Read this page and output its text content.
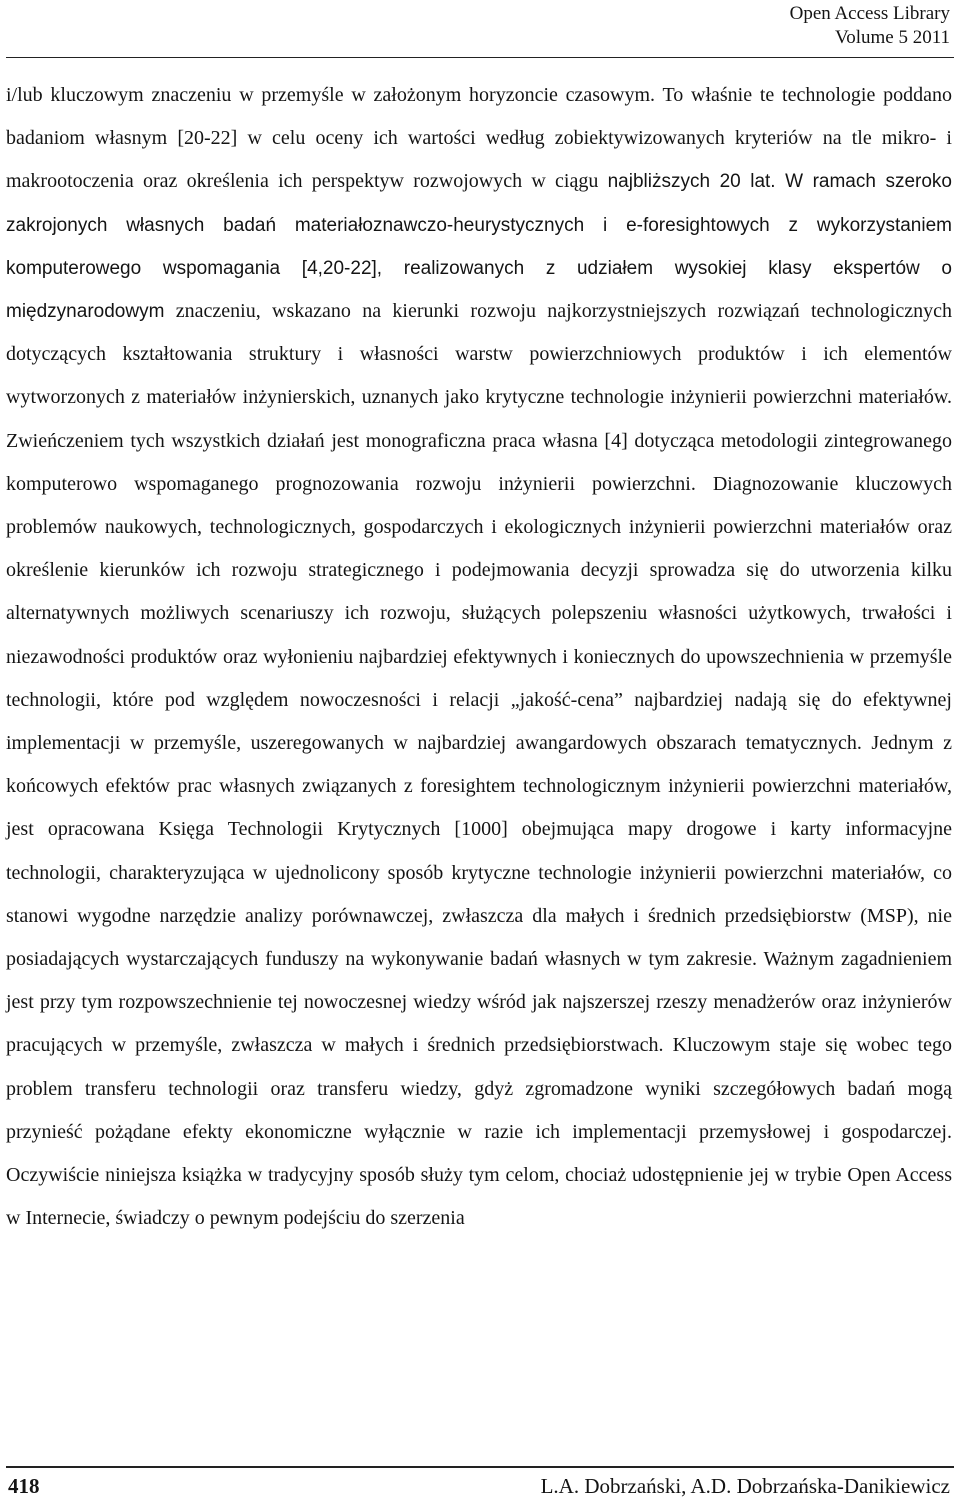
Open Access Library
Volume 5 2011
i/lub kluczowym znaczeniu w przemyśle w założonym horyzoncie czasowym. To właśnie te technologie poddano badaniom własnym [20-22] w celu oceny ich wartości według zobiektywizowanych kryteriów na tle mikro- i makrootoczenia oraz określenia ich perspektyw rozwojowych w ciągu najbliższych 20 lat. W ramach szeroko zakrojonych własnych badań materiałoznawczo-heurystycznych i e-foresightowych z wykorzystaniem komputerowego wspomagania [4,20-22], realizowanych z udziałem wysokiej klasy ekspertów o międzynarodowym znaczeniu, wskazano na kierunki rozwoju najkorzystniejszych rozwiązań technologicznych dotyczących kształtowania struktury i własności warstw powierzchniowych produktów i ich elementów wytworzonych z materiałów inżynierskich, uznanych jako krytyczne technologie inżynierii powierzchni materiałów. Zwieńczeniem tych wszystkich działań jest monograficzna praca własna [4] dotycząca metodologii zintegrowanego komputerowo wspomaganego prognozowania rozwoju inżynierii powierzchni. Diagnozowanie kluczowych problemów naukowych, technologicznych, gospodarczych i ekologicznych inżynierii powierzchni materiałów oraz określenie kierunków ich rozwoju strategicznego i podejmowania decyzji sprowadza się do utworzenia kilku alternatywnych możliwych scenariuszy ich rozwoju, służących polepszeniu własności użytkowych, trwałości i niezawodności produktów oraz wyłonieniu najbardziej efektywnych i koniecznych do upowszechnienia w przemyśle technologii, które pod względem nowoczesności i relacji „jakość-cena” najbardziej nadają się do efektywnej implementacji w przemyśle, uszeregowanych w najbardziej awangardowych obszarach tematycznych. Jednym z końcowych efektów prac własnych związanych z foresightem technologicznym inżynierii powierzchni materiałów, jest opracowana Księga Technologii Krytycznych [1000] obejmująca mapy drogowe i karty informacyjne technologii, charakteryzująca w ujednolicony sposób krytyczne technologie inżynierii powierzchni materiałów, co stanowi wygodne narzędzie analizy porównawczej, zwłaszcza dla małych i średnich przedsiębiorstw (MSP), nie posiadających wystarczających funduszy na wykonywanie badań własnych w tym zakresie. Ważnym zagadnieniem jest przy tym rozpowszechnienie tej nowoczesnej wiedzy wśród jak najszerszej rzeszy menadżerów oraz inżynierów pracujących w przemyśle, zwłaszcza w małych i średnich przedsiębiorstwach. Kluczowym staje się wobec tego problem transferu technologii oraz transferu wiedzy, gdyż zgromadzone wyniki szczegółowych badań mogą przynieść pożądane efekty ekonomiczne wyłącznie w razie ich implementacji przemysłowej i gospodarczej. Oczywiście niniejsza książka w tradycyjny sposób służy tym celom, chociaż udostępnienie jej w trybie Open Access w Internecie, świadczy o pewnym podejściu do szerzenia
418	L.A. Dobrzański, A.D. Dobrzańska-Danikiewicz
